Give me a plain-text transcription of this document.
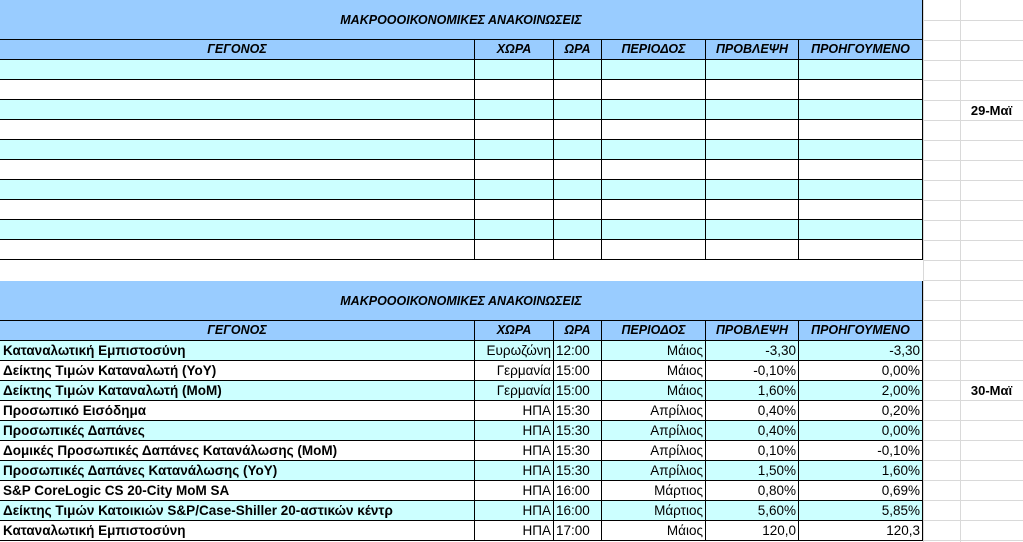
ΜΑΚΡΟΟΟΙΚΟΝΟΜΙΚΕΣ ΑΝΑΚΟΙΝΩΣΕΙΣ
ΓΕΓΟΝΟΣ	ΧΩΡΑ	ΩΡΑ	ΠΕΡΙΟΔΟΣ	ΠΡΟΒΛΕΨΗ	ΠΡΟΗΓΟΥΜΕΝΟ
29-Μαϊ
ΜΑΚΡΟΟΟΙΚΟΝΟΜΙΚΕΣ ΑΝΑΚΟΙΝΩΣΕΙΣ
ΓΕΓΟΝΟΣ	ΧΩΡΑ	ΩΡΑ	ΠΕΡΙΟΔΟΣ	ΠΡΟΒΛΕΨΗ	ΠΡΟΗΓΟΥΜΕΝΟ
Καταναλωτική Εμπιστοσύνη	Ευρωζώνη 12:00	Μάιος	-3,30	-3,30
Δείκτης Τιμών Καταναλωτή (YoY)	Γερμανία 15:00	Μάιος	-0,10%	0,00%
Δείκτης Τιμών Καταναλωτή (MoM)	Γερμανία 15:00	Μάιος	1,60%	2,00%
Προσωπικό Εισόδημα	ΗΠΑ 15:30	Απρίλιος	0,40%	0,20%
Προσωπικές Δαπάνες	ΗΠΑ 15:30	Απρίλιος	0,40%	0,00%
Δομικές Προσωπικές Δαπάνες Κατανάλωσης (MoM)	ΗΠΑ 15:30	Απρίλιος	0,10%	-0,10%
Προσωπικές Δαπάνες Κατανάλωσης (YoY)	ΗΠΑ 15:30	Απρίλιος	1,50%	1,60%
S&P CoreLogic CS 20-City MoM SA	ΗΠΑ 16:00	Μάρτιος	0,80%	0,69%
Δείκτης Τιμών Κατοικιών S&P/Case-Shiller 20-αστικών κέντρ	ΗΠΑ 16:00	Μάρτιος	5,60%	5,85%
Καταναλωτική Εμπιστοσύνη	ΗΠΑ 17:00	Μάιος	120,0	120,3
30-Μαϊ
